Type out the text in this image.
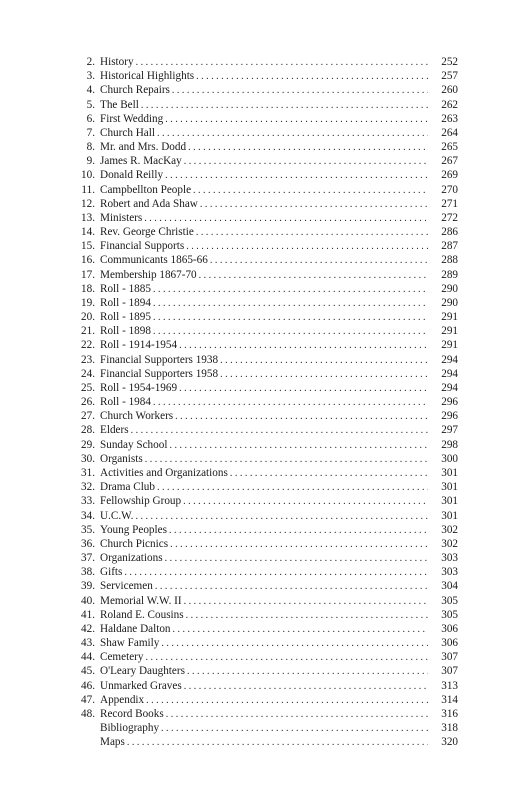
2. History . . .	252
3. Historical Highlights . . .	257
4. Church Repairs . . .	260
5. The Bell . . .	262
6. First Wedding . . .	263
7. Church Hall . . .	264
8. Mr. and Mrs. Dodd . . .	265
9. James R. MacKay . . .	267
10. Donald Reilly . . .	269
11. Campbellton People . . .	270
12. Robert and Ada Shaw . . .	271
13. Ministers . . .	272
14. Rev. George Christie . . .	286
15. Financial Supports . . .	287
16. Communicants 1865-66 . . .	288
17. Membership 1867-70 . . .	289
18. Roll - 1885 . . .	290
19. Roll - 1894 . . .	290
20. Roll - 1895 . . .	291
21. Roll - 1898 . . .	291
22. Roll - 1914-1954 . . .	291
23. Financial Supporters 1938 . . .	294
24. Financial Supporters 1958 . . .	294
25. Roll - 1954-1969 . . .	294
26. Roll - 1984 . . .	296
27. Church Workers . . .	296
28. Elders . . .	297
29. Sunday School . . .	298
30. Organists . . .	300
31. Activities and Organizations . . .	301
32. Drama Club . . .	301
33. Fellowship Group . . .	301
34. U.C.W. . . .	301
35. Young Peoples . . .	302
36. Church Picnics . . .	302
37. Organizations . . .	303
38. Gifts . . .	303
39. Servicemen . . .	304
40. Memorial W.W. II . . .	305
41. Roland E. Cousins . . .	305
42. Haldane Dalton . . .	306
43. Shaw Family . . .	306
44. Cemetery . . .	307
45. O'Leary Daughters . . .	307
46. Unmarked Graves . . .	313
47. Appendix . . .	314
48. Record Books . . .	316
Bibliography . . .	318
Maps . . .	320
